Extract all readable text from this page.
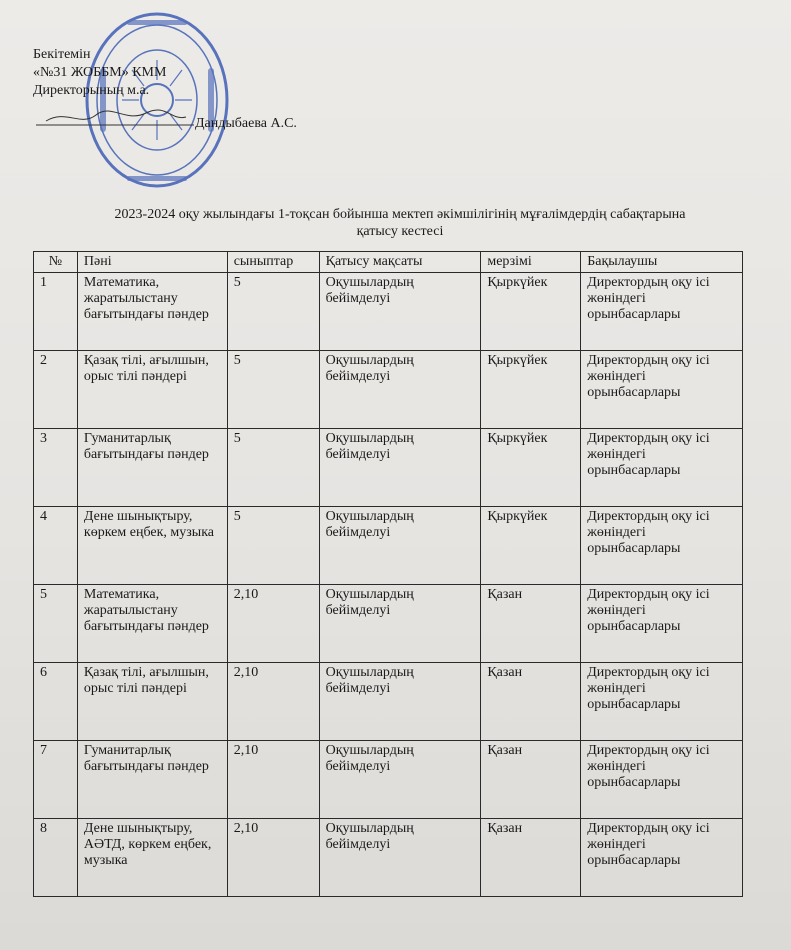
Бекітемін
«№31 ЖОББМ» КММ
Директорының м.а.
Дандыбаева А.С.
2023-2024 оқу жылындағы 1-тоқсан бойынша мектеп әкімшілігінің мұғалімдердің сабақтарына
қатысу кестесі
№	Пәні	сыныптар	Қатысу мақсаты	мерзімі	Бақылаушы
1	Математика, жаратылыстану бағытындағы пәндер	5	Оқушылардың бейімделуі	Қыркүйек	Директордың оқу ісі жөніндегі орынбасарлары
2	Қазақ тілі, ағылшын, орыс тілі пәндері	5	Оқушылардың бейімделуі	Қыркүйек	Директордың оқу ісі жөніндегі орынбасарлары
3	Гуманитарлық бағытындағы пәндер	5	Оқушылардың бейімделуі	Қыркүйек	Директордың оқу ісі жөніндегі орынбасарлары
4	Дене шынықтыру, көркем еңбек, музыка	5	Оқушылардың бейімделуі	Қыркүйек	Директордың оқу ісі жөніндегі орынбасарлары
5	Математика, жаратылыстану бағытындағы пәндер	2,10	Оқушылардың бейімделуі	Қазан	Директордың оқу ісі жөніндегі орынбасарлары
6	Қазақ тілі, ағылшын, орыс тілі пәндері	2,10	Оқушылардың бейімделуі	Қазан	Директордың оқу ісі жөніндегі орынбасарлары
7	Гуманитарлық бағытындағы пәндер	2,10	Оқушылардың бейімделуі	Қазан	Директордың оқу ісі жөніндегі орынбасарлары
8	Дене шынықтыру, АӘТД, көркем еңбек, музыка	2,10	Оқушылардың бейімделуі	Қазан	Директордың оқу ісі жөніндегі орынбасарлары
